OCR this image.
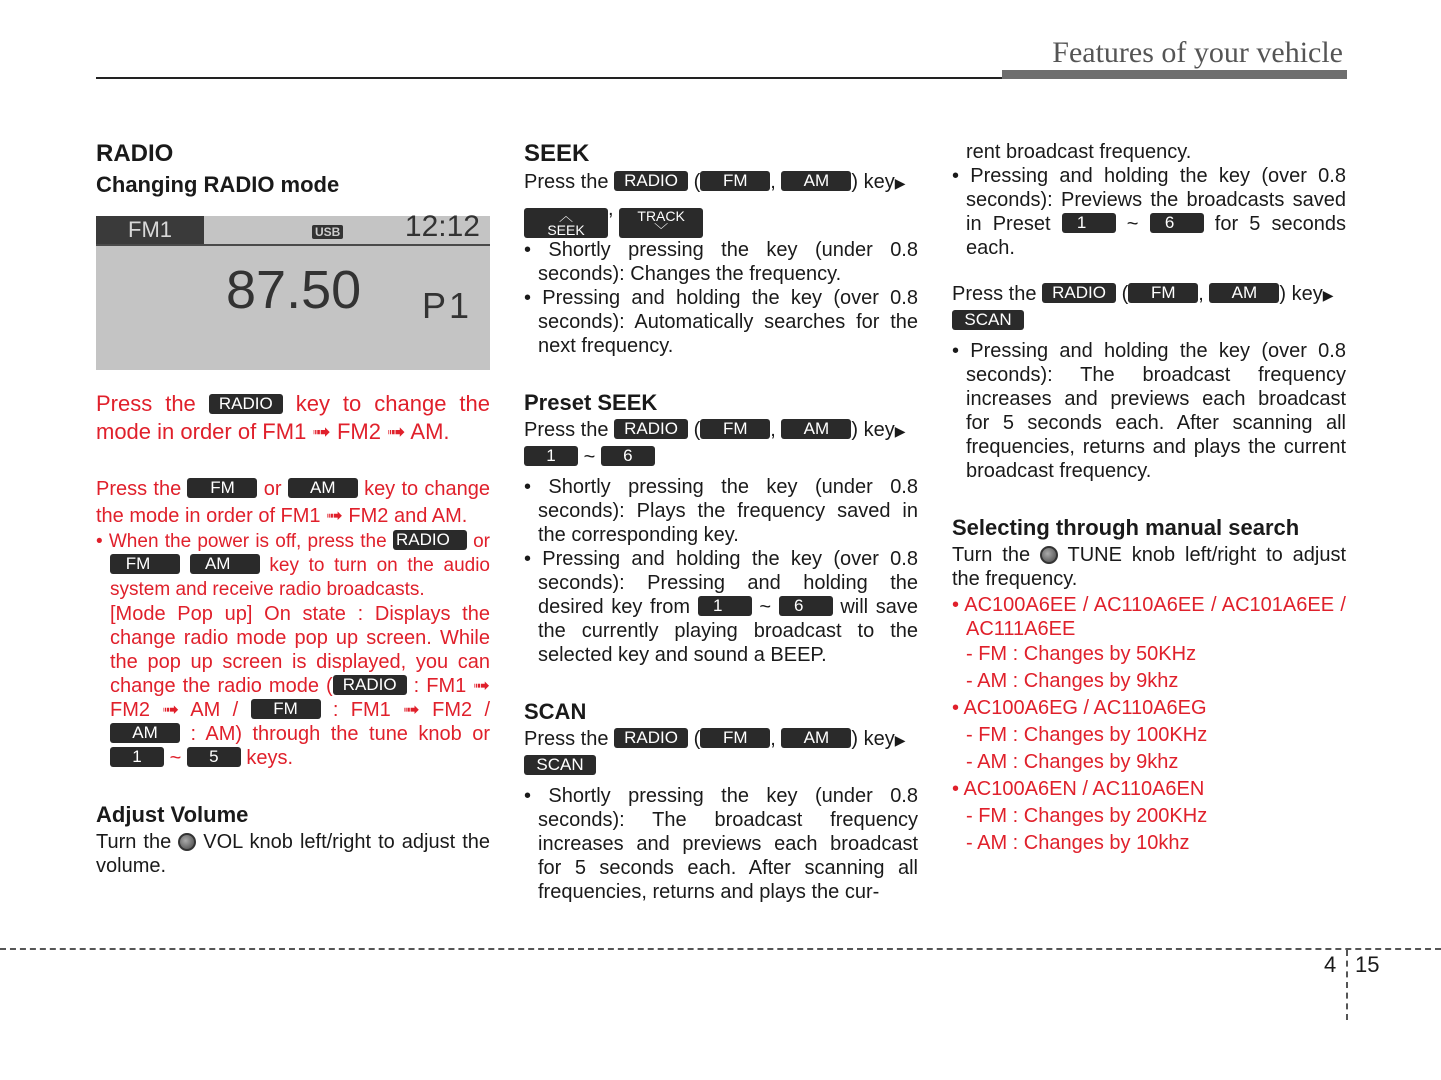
Features of your vehicle
RADIO
Changing RADIO mode
FM1	USB 12:12
87.50 P1

Press the RADIO key to change the mode in order of FM1 ➟ FM2 ➟ AM.

Press the FM or AM key to change the mode in order of FM1 ➟ FM2 and AM.

• When the power is off, press the RADIO or FM	AM key to turn on the audio system and receive radio broadcasts.

[Mode Pop up] On state : Displays the change radio mode pop up screen. While the pop up screen is displayed, you can change the radio mode ( RADIO : FM1 ➟ FM2 ➟ AM / FM : FM1 ➟ FM2 / AM : AM) through the tune knob or 1 ~ 5 keys.

Adjust Volume

Turn the VOL knob left/right to adjust the volume.

SEEK

Press the RADIO ( FM , AM ) key▶

︿
SEEK
, TRACK
﹀

• Shortly pressing the key (under 0.8 seconds): Changes the frequency.

• Pressing and holding the key (over 0.8 seconds): Automatically searches for the next frequency.

Preset SEEK

Press the RADIO ( FM , AM ) key▶

1 ~ 6

• Shortly pressing the key (under 0.8 seconds): Plays the frequency saved in the corresponding key.

• Pressing and holding the key (over 0.8 seconds): Pressing and holding the desired key from 1 ~ 6 will save the currently playing broadcast to the selected key and sound a BEEP.

SCAN

Press the RADIO ( FM , AM ) key▶

SCAN

• Shortly pressing the key (under 0.8 seconds): The broadcast frequency increases and previews each broadcast for 5 seconds each. After scanning all frequencies, returns and plays the cur-

rent broadcast frequency.

• Pressing and holding the key (over 0.8 seconds): Previews the broadcasts saved in Preset 1 ~ 6 for 5 seconds each.

Press the RADIO ( FM , AM ) key▶

SCAN

• Pressing and holding the key (over 0.8 seconds): The broadcast frequency increases and previews each broadcast for 5 seconds each. After scanning all frequencies, returns and plays the current broadcast frequency.

Selecting through manual search

Turn the TUNE knob left/right to adjust the frequency.

• AC100A6EE / AC110A6EE / AC101A6EE / AC111A6EE

- FM : Changes by 50KHz

- AM : Changes by 9khz

• AC100A6EG / AC110A6EG

- FM : Changes by 100KHz

- AM : Changes by 9khz

• AC100A6EN / AC110A6EN

- FM : Changes by 200KHz

- AM : Changes by 10khz

4 15
